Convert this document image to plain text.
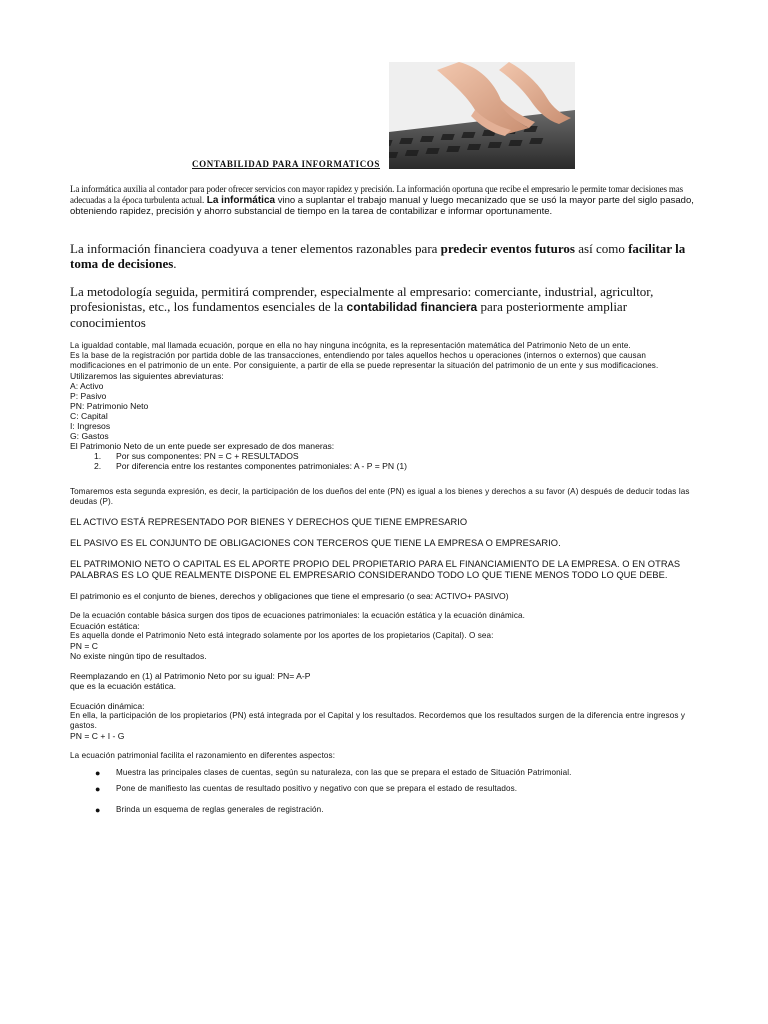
CONTABILIDAD PARA INFORMATICOS
La informática auxilia al contador para poder ofrecer servicios con mayor rapidez y precisión. La información oportuna que recibe el empresario le permite tomar decisiones mas adecuadas a la época turbulenta actual. La informática vino a suplantar el trabajo manual y luego mecanizado que se usó la mayor parte del siglo pasado, obteniendo rapidez, precisión y ahorro substancial de tiempo en la tarea de contabilizar e informar oportunamente.
La información financiera coadyuva a tener elementos razonables para predecir eventos futuros así como facilitar la toma de decisiones.
La metodología seguida, permitirá comprender, especialmente al empresario: comerciante, industrial, agricultor, profesionistas, etc., los fundamentos esenciales de la contabilidad financiera para posteriormente ampliar conocimientos

La igualdad contable, mal llamada ecuación, porque en ella no hay ninguna incógnita, es la representación matemática del Patrimonio Neto de un ente.

Es la base de la registración por partida doble de las transacciones, entendiendo por tales aquellos hechos u operaciones (internos o externos) que causan modificaciones en el patrimonio de un ente. Por consiguiente, a partir de ella se puede representar la situación del patrimonio de un ente y sus modificaciones.

Utilizaremos las siguientes abreviaturas:

A: Activo

P: Pasivo

PN: Patrimonio Neto

C: Capital

I: Ingresos

G: Gastos

El Patrimonio Neto de un ente puede ser expresado de dos maneras:

1. Por sus componentes: PN = C + RESULTADOS
2. Por diferencia entre los restantes componentes patrimoniales: A - P = PN (1)

Tomaremos esta segunda expresión, es decir, la participación de los dueños del ente (PN) es igual a los bienes y derechos a su favor (A) después de deducir todas las deudas (P).

EL ACTIVO ESTÁ REPRESENTADO POR BIENES Y DERECHOS QUE TIENE EMPRESARIO

EL PASIVO ES EL CONJUNTO DE OBLIGACIONES CON TERCEROS QUE TIENE LA EMPRESA O EMPRESARIO.

EL PATRIMONIO NETO O CAPITAL ES EL APORTE PROPIO DEL PROPIETARIO PARA EL FINANCIAMIENTO DE LA EMPRESA. O EN OTRAS PALABRAS ES LO QUE REALMENTE DISPONE EL EMPRESARIO CONSIDERANDO TODO LO QUE TIENE MENOS TODO LO QUE DEBE.

El patrimonio es el conjunto de bienes, derechos y obligaciones que tiene el empresario (o sea: ACTIVO+ PASIVO)

De la ecuación contable básica surgen dos tipos de ecuaciones patrimoniales: la ecuación estática y la ecuación dinámica.

Ecuación estática:

Es aquella donde el Patrimonio Neto está integrado solamente por los aportes de los propietarios (Capital). O sea:

PN = C

No existe ningún tipo de resultados.

Reemplazando en (1) al Patrimonio Neto por su igual: PN= A-P

que es la ecuación estática.

Ecuación dinámica:

En ella, la participación de los propietarios (PN) está integrada por el Capital y los resultados. Recordemos que los resultados surgen de la diferencia entre ingresos y gastos.

PN = C + I - G

La ecuación patrimonial facilita el razonamiento en diferentes aspectos:

● Muestra las principales clases de cuentas, según su naturaleza, con las que se prepara el estado de Situación Patrimonial.
● Pone de manifiesto las cuentas de resultado positivo y negativo con que se prepara el estado de resultados.
● Brinda un esquema de reglas generales de registración.
